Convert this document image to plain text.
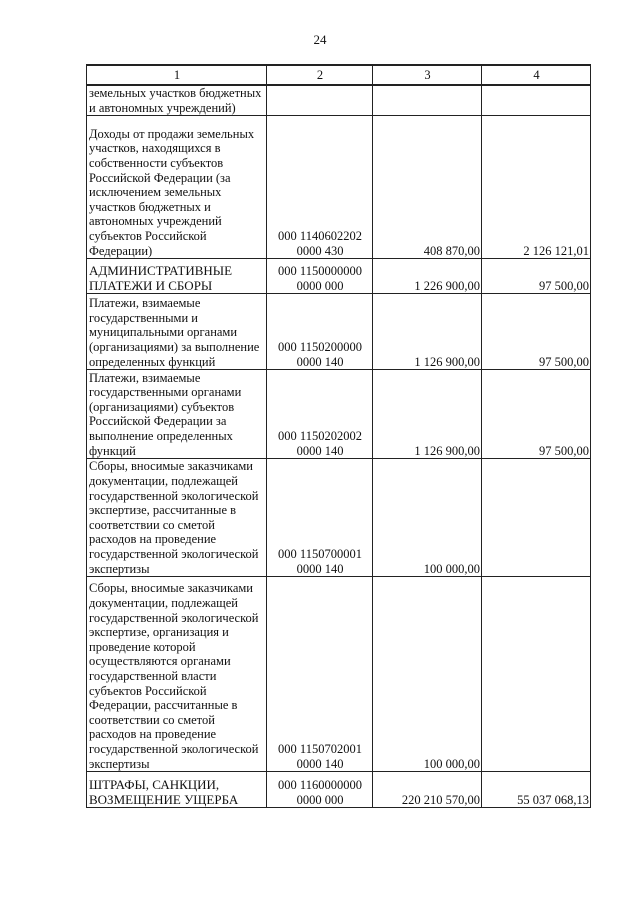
24
1	2	3	4
земельных участков бюджетных и автономных учреждений)			
Доходы от продажи земельных участков, находящихся в собственности субъектов Российской Федерации (за исключением земельных участков бюджетных и автономных учреждений субъектов Российской Федерации)	000 1140602202 0000 430	408 870,00	2 126 121,01
АДМИНИСТРАТИВНЫЕ ПЛАТЕЖИ И СБОРЫ	000 1150000000 0000 000	1 226 900,00	97 500,00
Платежи, взимаемые государственными и муниципальными органами (организациями) за выполнение определенных функций	000 1150200000 0000 140	1 126 900,00	97 500,00
Платежи, взимаемые государственными органами (организациями) субъектов Российской Федерации за выполнение определенных функций	000 1150202002 0000 140	1 126 900,00	97 500,00
Сборы, вносимые заказчиками документации, подлежащей государственной экологической экспертизе, рассчитанные в соответствии со сметой расходов на проведение государственной экологической экспертизы	000 1150700001 0000 140	100 000,00	
Сборы, вносимые заказчиками документации, подлежащей государственной экологической экспертизе, организация и проведение которой осуществляются органами государственной власти субъектов Российской Федерации, рассчитанные в соответствии со сметой расходов на проведение государственной экологической экспертизы	000 1150702001 0000 140	100 000,00	
ШТРАФЫ, САНКЦИИ, ВОЗМЕЩЕНИЕ УЩЕРБА	000 1160000000 0000 000	220 210 570,00	55 037 068,13
